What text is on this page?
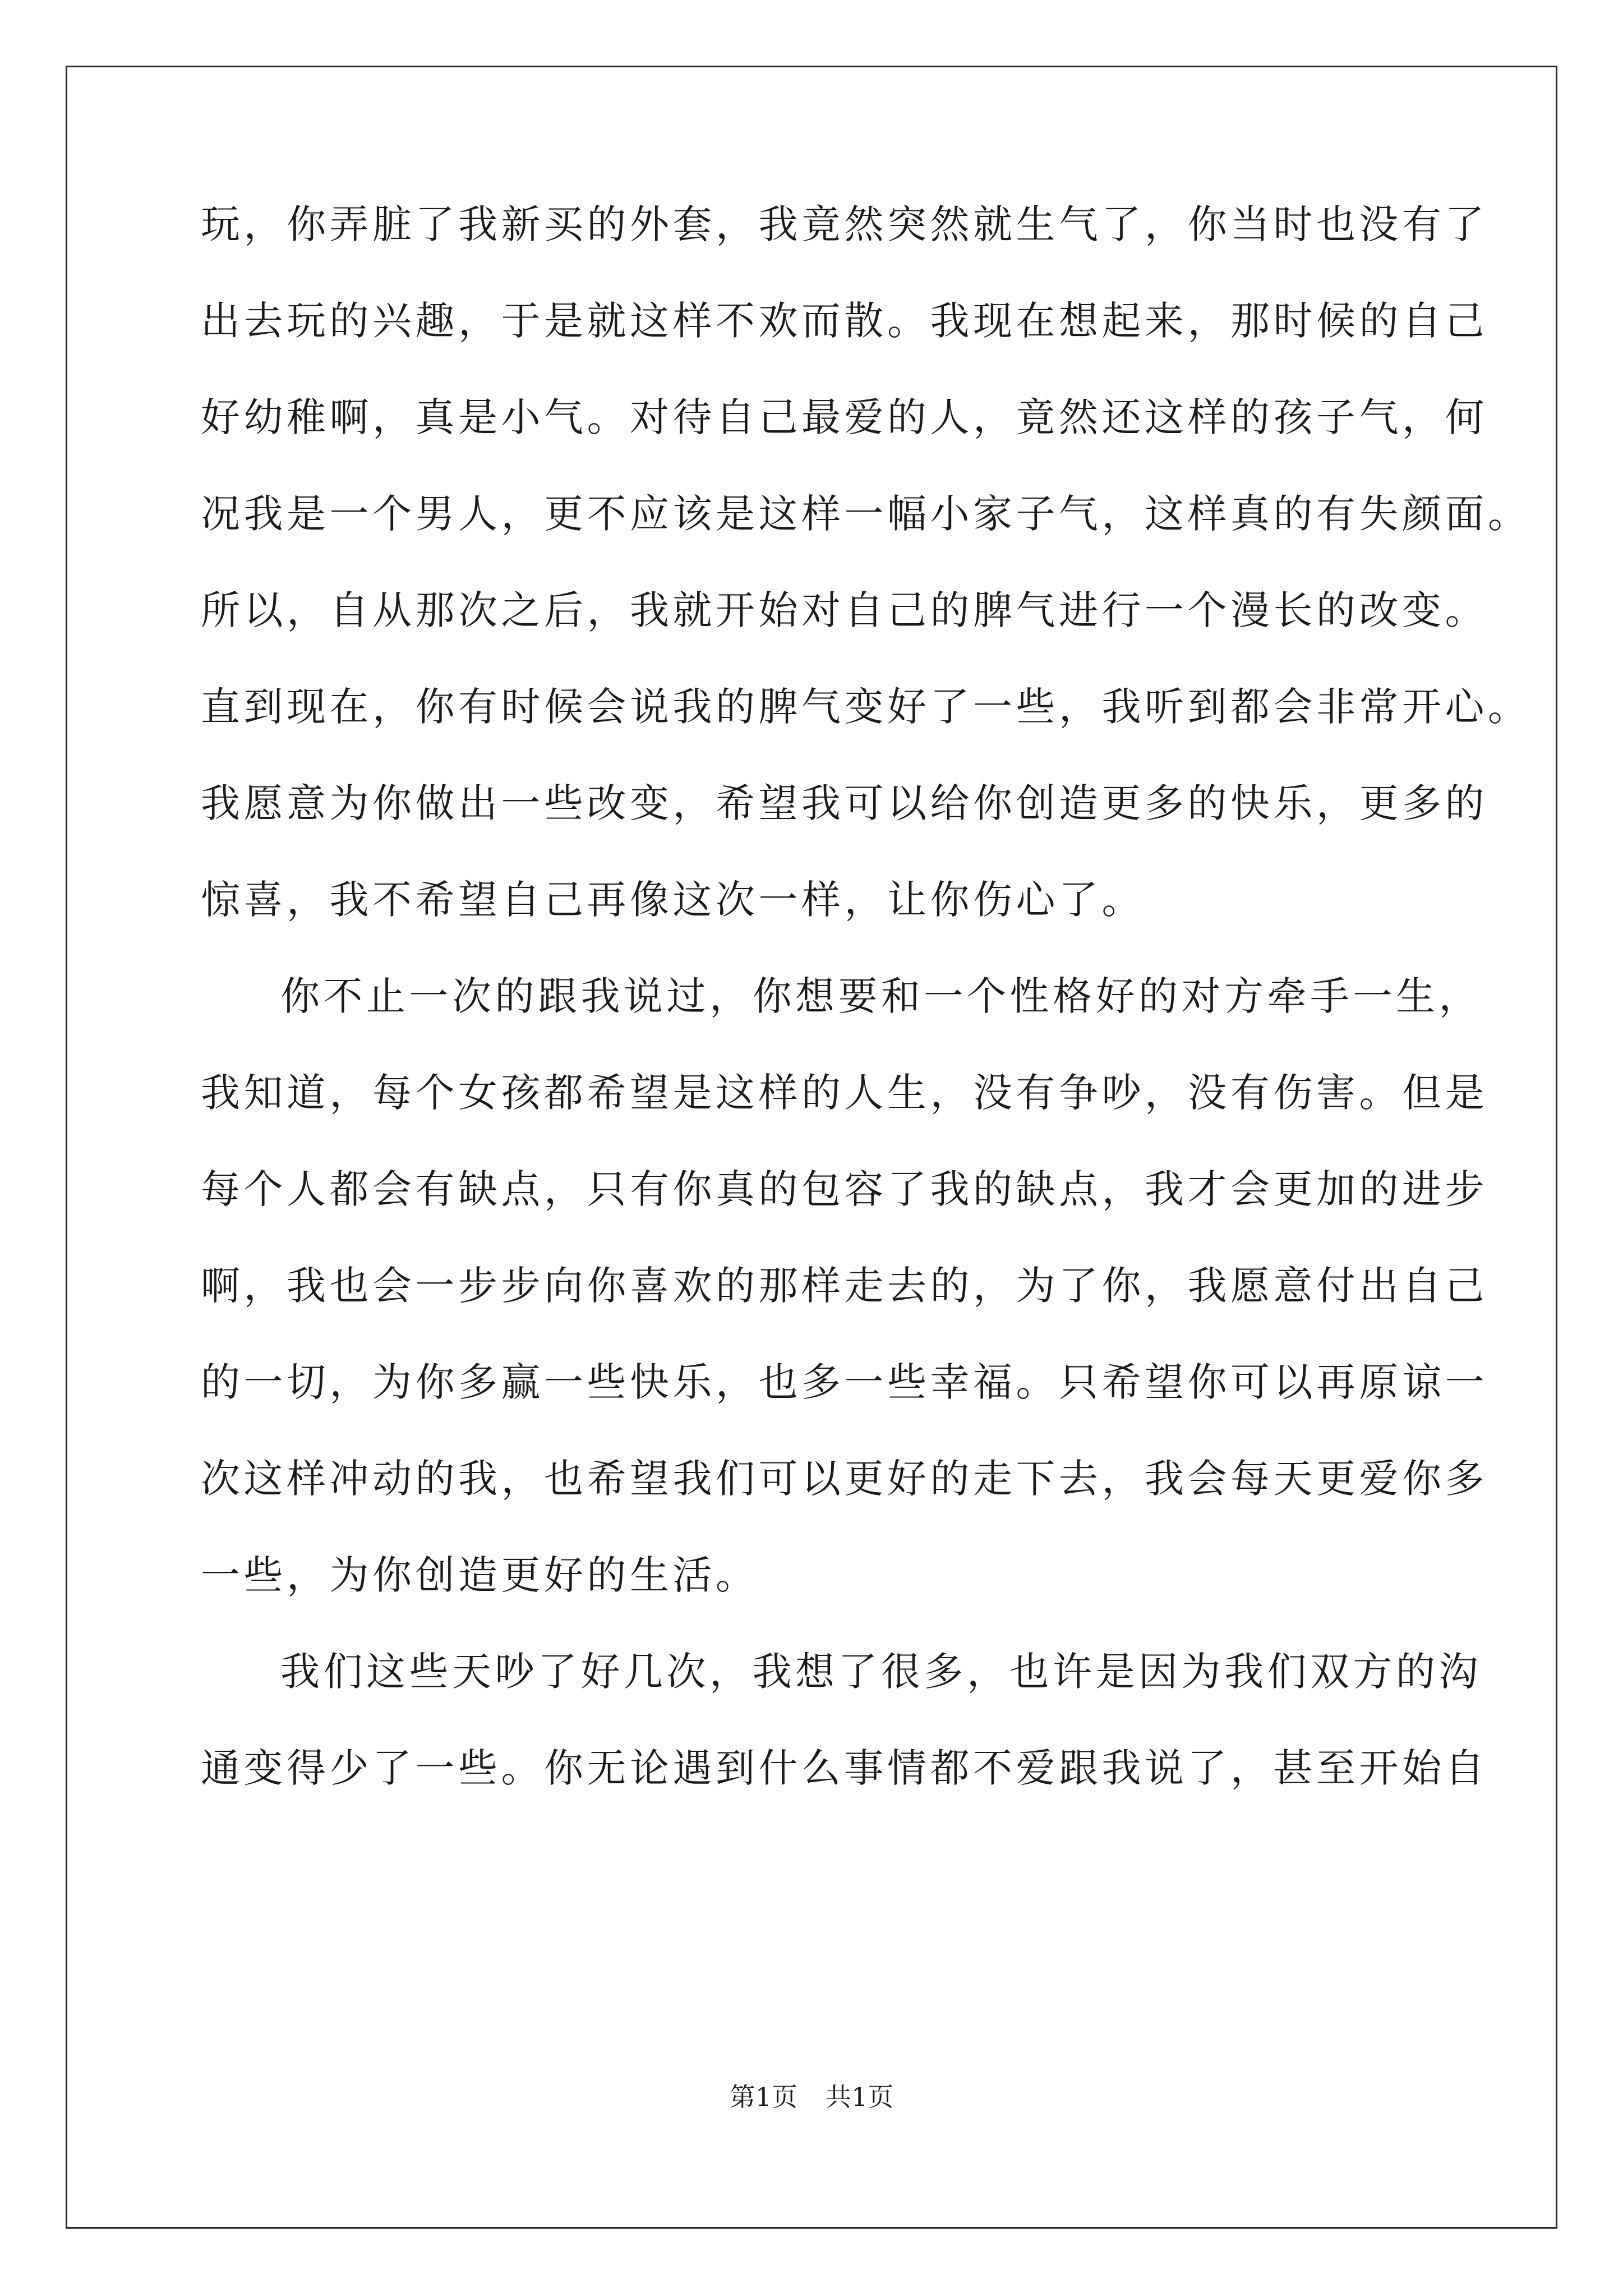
玩，你弄脏了我新买的外套，我竟然突然就生气了，你当时也没有了
出去玩的兴趣，于是就这样不欢而散。我现在想起来，那时候的自己
好幼稚啊，真是小气。对待自己最爱的人，竟然还这样的孩子气，何
况我是一个男人，更不应该是这样一幅小家子气，这样真的有失颜面。
所以，自从那次之后，我就开始对自己的脾气进行一个漫长的改变。
直到现在，你有时候会说我的脾气变好了一些，我听到都会非常开心。
我愿意为你做出一些改变，希望我可以给你创造更多的快乐，更多的
惊喜，我不希望自己再像这次一样，让你伤心了。
你不止一次的跟我说过，你想要和一个性格好的对方牵手一生，
我知道，每个女孩都希望是这样的人生，没有争吵，没有伤害。但是
每个人都会有缺点，只有你真的包容了我的缺点，我才会更加的进步
啊，我也会一步步向你喜欢的那样走去的，为了你，我愿意付出自己
的一切，为你多赢一些快乐，也多一些幸福。只希望你可以再原谅一
次这样冲动的我，也希望我们可以更好的走下去，我会每天更爱你多
一些，为你创造更好的生活。
我们这些天吵了好几次，我想了很多，也许是因为我们双方的沟
通变得少了一些。你无论遇到什么事情都不爱跟我说了，甚至开始自
第1页 共1页
